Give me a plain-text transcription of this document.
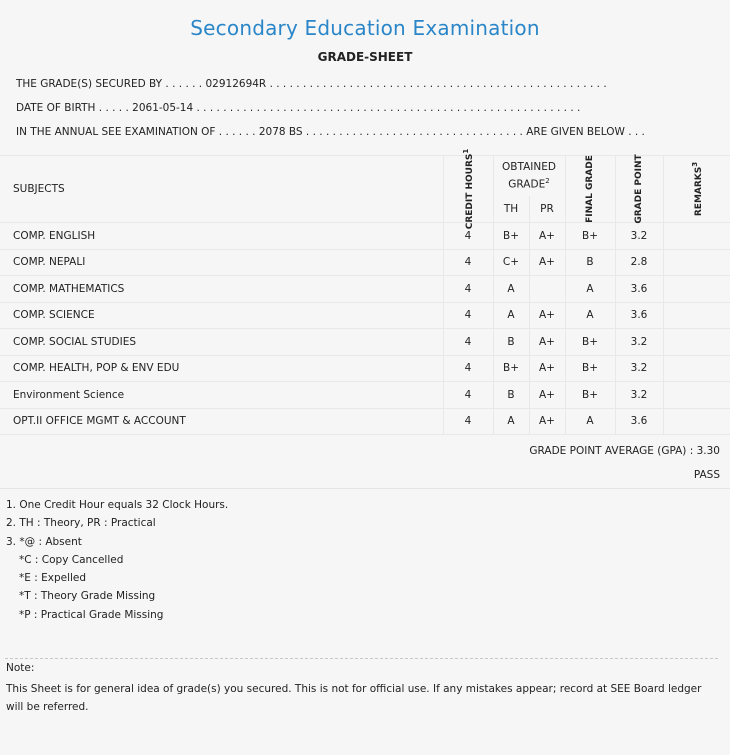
Secondary Education Examination
GRADE-SHEET
THE GRADE(S) SECURED BY . . . . . . 02912694R . . . . . . . . . . . . . . . . . . . . . . . . . . . . . . . . . . . . . . . . . . . . . . . . . . .
DATE OF BIRTH . . . . . 2061-05-14 . . . . . . . . . . . . . . . . . . . . . . . . . . . . . . . . . . . . . . . . . . . . . . . . . . . . . . . . . .
IN THE ANNUAL SEE EXAMINATION OF . . . . . . 2078 BS . . . . . . . . . . . . . . . . . . . . . . . . . . . . . . . . . ARE GIVEN BELOW . . .
SUBJECTS	CREDIT HOURS$^1$	OBTAINED GRADE$^2$		FINAL GRADE	GRADE POINT	REMARKS$^3$

		TH	PR			
COMP. ENGLISH	4	B+	A+	B+	3.2	
COMP. NEPALI	4	C+	A+	B	2.8	
COMP. MATHEMATICS	4	A		A	3.6	
COMP. SCIENCE	4	A	A+	A	3.6	
COMP. SOCIAL STUDIES	4	B	A+	B+	3.2	
COMP. HEALTH, POP & ENV EDU	4	B+	A+	B+	3.2	
Environment Science	4	B	A+	B+	3.2	
OPT.II OFFICE MGMT & ACCOUNT	4	A	A+	A	3.6	
GRADE POINT AVERAGE (GPA) : 3.30
PASS
1. One Credit Hour equals 32 Clock Hours.
2. TH : Theory, PR : Practical
3. *@ : Absent
*C : Copy Cancelled
*E : Expelled
*T : Theory Grade Missing
*P : Practical Grade Missing
Note:
This Sheet is for general idea of grade(s) you secured. This is not for official use. If any mistakes appear; record at SEE Board ledger will be referred.
